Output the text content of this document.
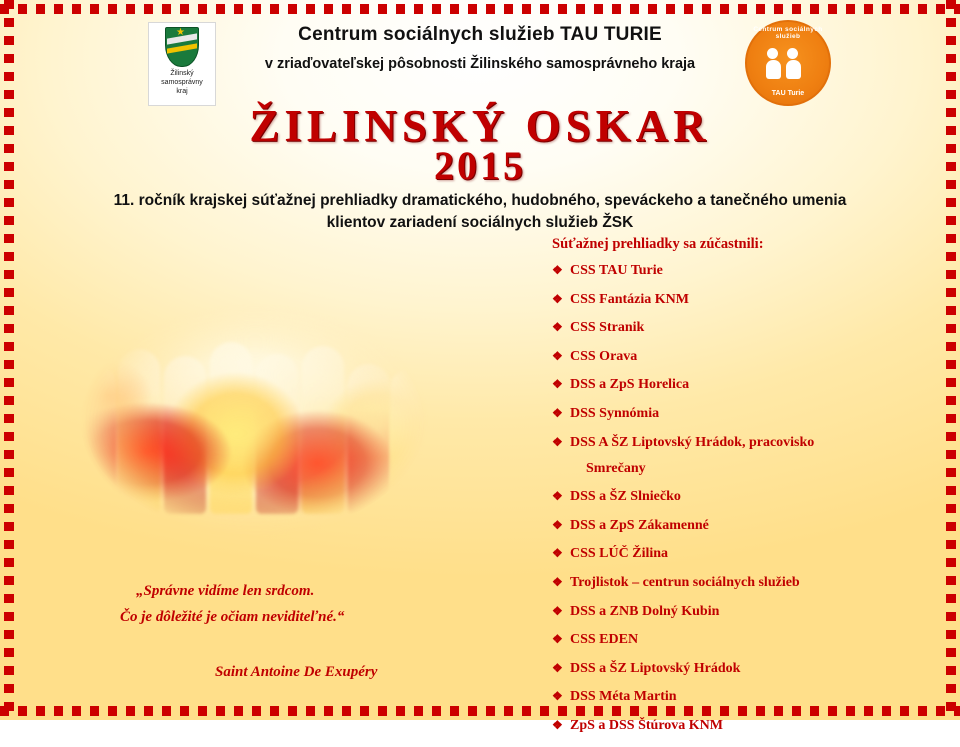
★
Žilinský
samosprávny
kraj
Centrum sociálnych služieb TAU TURIE
v zriaďovateľskej pôsobnosti Žilinského samosprávneho kraja
Centrum sociálnych služieb
TAU Turie
ŽILINSKÝ OSKAR
2015
11. ročník krajskej súťažnej prehliadky dramatického, hudobného, speváckeho a tanečného umenia
klientov zariadení sociálnych služieb ŽSK
Súťažnej prehliadky sa zúčastnili:
❖ CSS TAU Turie
❖ CSS Fantázia KNM
❖ CSS Stranik
❖ CSS Orava
❖ DSS a ZpS Horelica
❖ DSS Synnómia
❖ DSS A ŠZ Liptovský Hrádok, pracovisko
Smrečany
❖ DSS a ŠZ Slniečko
❖ DSS a ZpS Zákamenné
❖ CSS LÚČ Žilina
❖ Trojlistok – centrun sociálnych služieb
❖ DSS a ZNB Dolný Kubin
❖ CSS EDEN
❖ DSS a ŠZ Liptovský Hrádok
❖ DSS Méta Martin
❖ ZpS a DSS Štúrova KNM
„Správne vidíme len srdcom.
Čo je dôležité je očiam neviditeľné.“
Saint Antoine De Exupéry
